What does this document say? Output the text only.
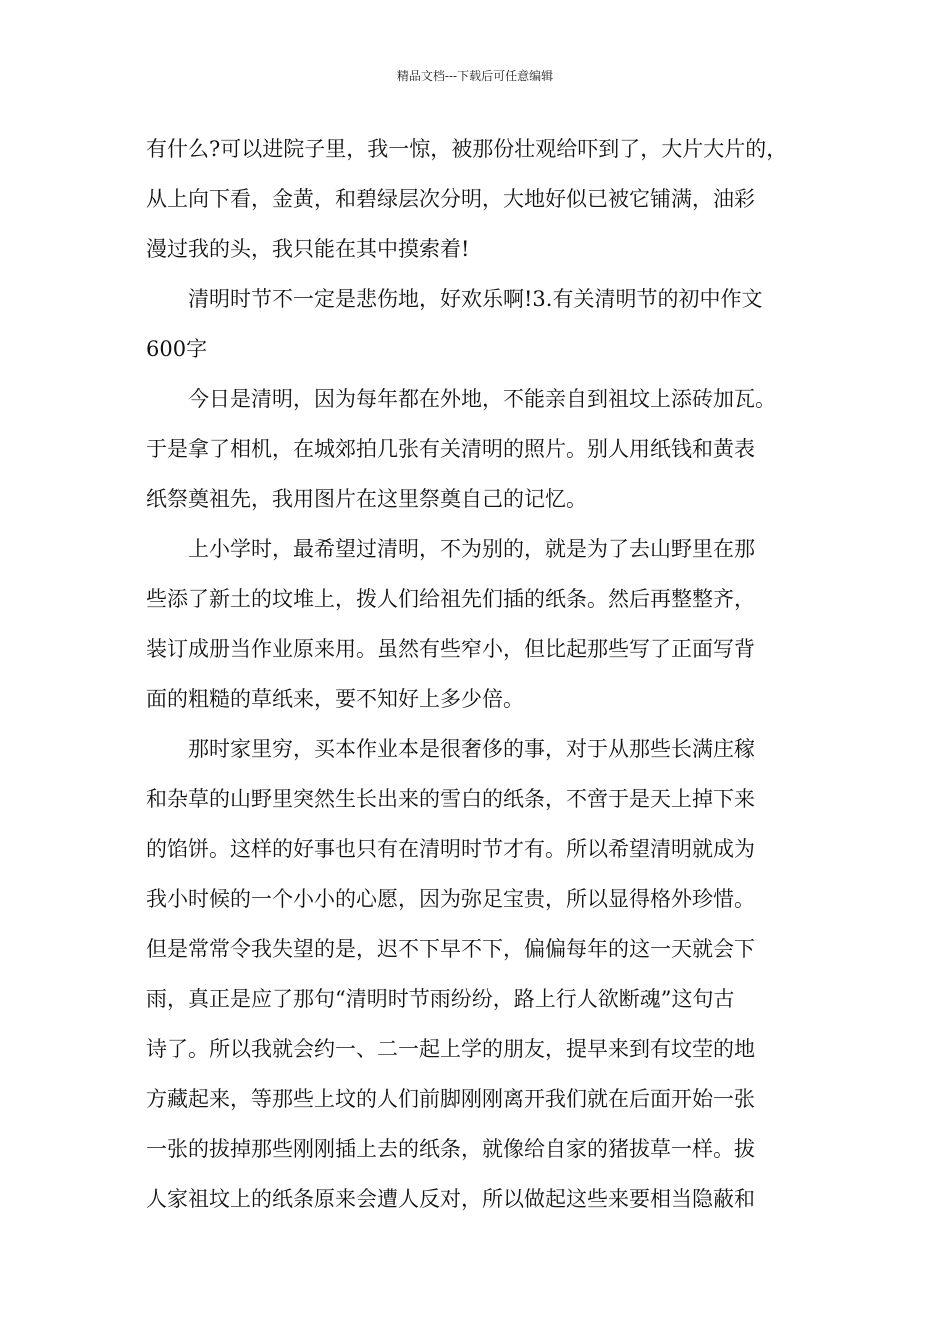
精品文档---下载后可任意编辑
有什么?可以进院子里，我一惊，被那份壮观给吓到了，大片大片的，
从上向下看，金黄，和碧绿层次分明，大地好似已被它铺满，油彩
漫过我的头，我只能在其中摸索着!
　　清明时节不一定是悲伤地，好欢乐啊!3.有关清明节的初中作文
600字
　　今日是清明，因为每年都在外地，不能亲自到祖坟上添砖加瓦。
于是拿了相机，在城郊拍几张有关清明的照片。别人用纸钱和黄表
纸祭奠祖先，我用图片在这里祭奠自己的记忆。
　　上小学时，最希望过清明，不为别的，就是为了去山野里在那
些添了新土的坟堆上，拨人们给祖先们插的纸条。然后再整整齐，
装订成册当作业原来用。虽然有些窄小，但比起那些写了正面写背
面的粗糙的草纸来，要不知好上多少倍。
　　那时家里穷，买本作业本是很奢侈的事，对于从那些长满庄稼
和杂草的山野里突然生长出来的雪白的纸条，不啻于是天上掉下来
的馅饼。这样的好事也只有在清明时节才有。所以希望清明就成为
我小时候的一个小小的心愿，因为弥足宝贵，所以显得格外珍惜。
但是常常令我失望的是，迟不下早不下，偏偏每年的这一天就会下
雨，真正是应了那句“清明时节雨纷纷，路上行人欲断魂”这句古
诗了。所以我就会约一、二一起上学的朋友，提早来到有坟茔的地
方藏起来，等那些上坟的人们前脚刚刚离开我们就在后面开始一张
一张的拔掉那些刚刚插上去的纸条，就像给自家的猪拔草一样。拔
人家祖坟上的纸条原来会遭人反对，所以做起这些来要相当隐蔽和
